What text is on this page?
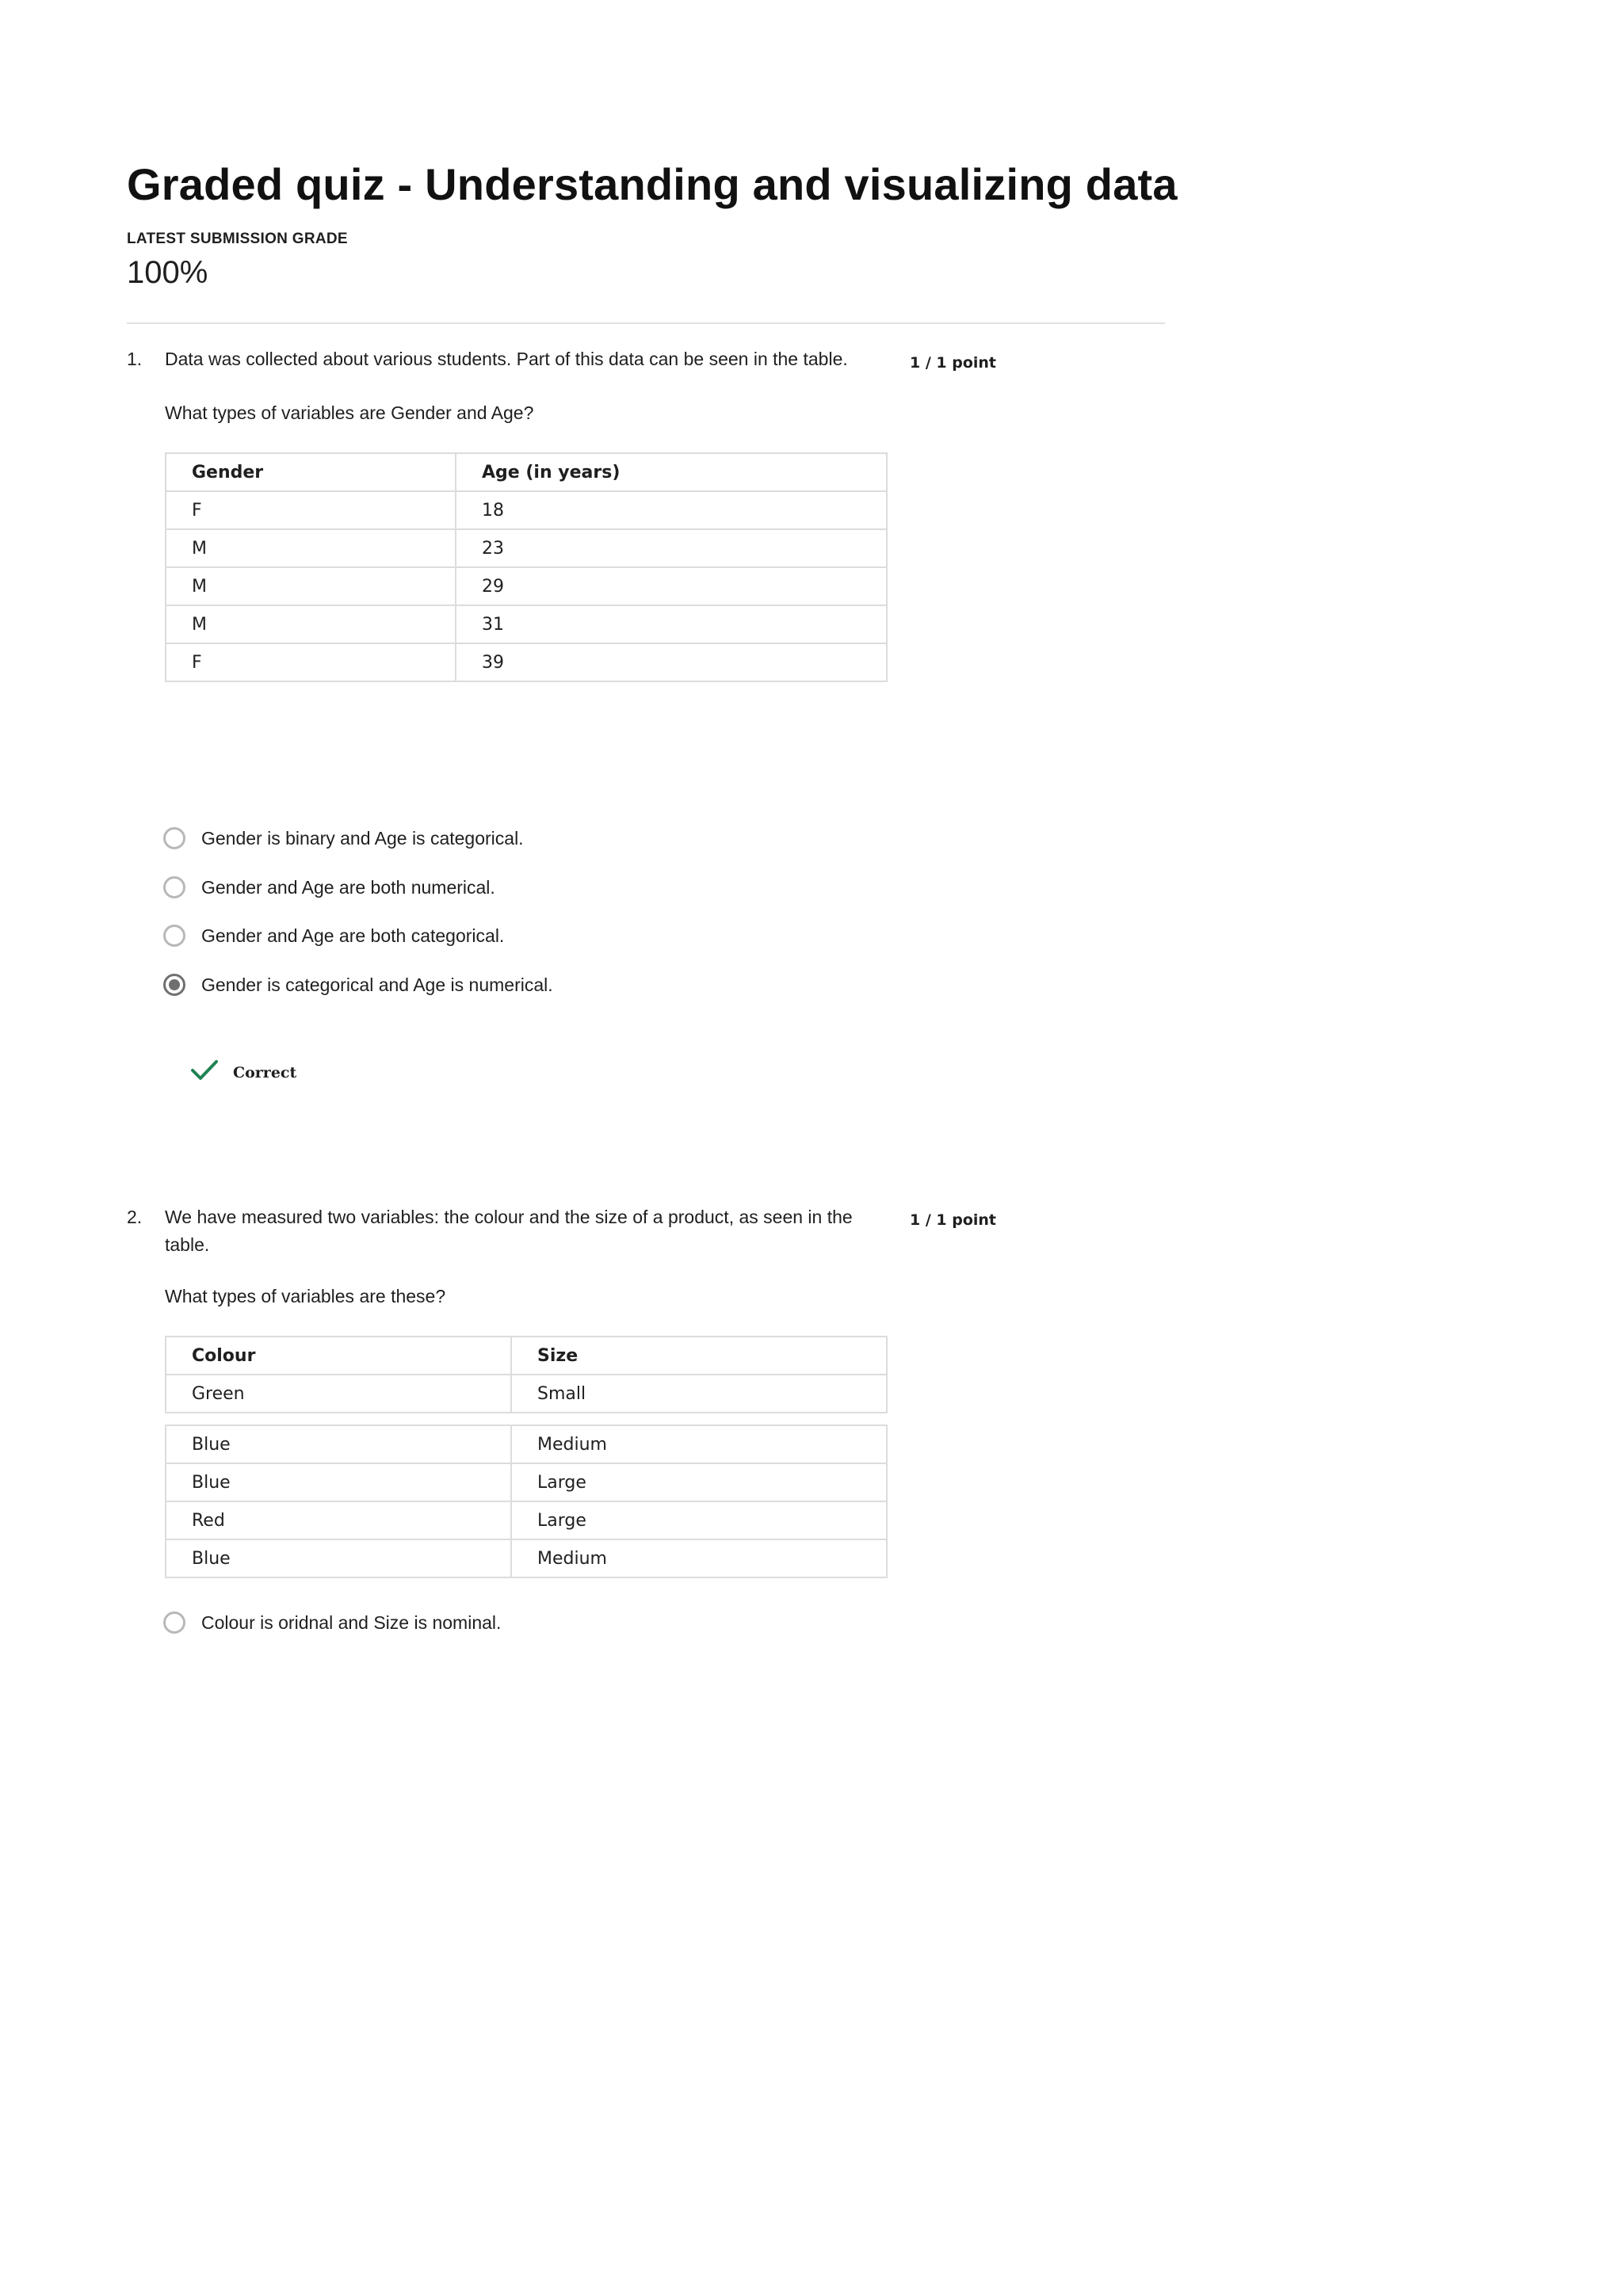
Graded quiz - Understanding and visualizing data
LATEST SUBMISSION GRADE
100%
1. Data was collected about various students. Part of this data can be seen in the table.	1 / 1 point
What types of variables are Gender and Age?
Gender	Age (in years)
F	18
M	23
M	29
M	31
F	39
Gender is binary and Age is categorical.
Gender and Age are both numerical.
Gender and Age are both categorical.
Gender is categorical and Age is numerical.
Correct
2. We have measured two variables: the colour and the size of a product, as seen in the
table.
1 / 1 point
What types of variables are these?
Colour	Size
Green	Small
Blue	Medium
Blue	Large
Red	Large
Blue	Medium
Colour is oridnal and Size is nominal.
